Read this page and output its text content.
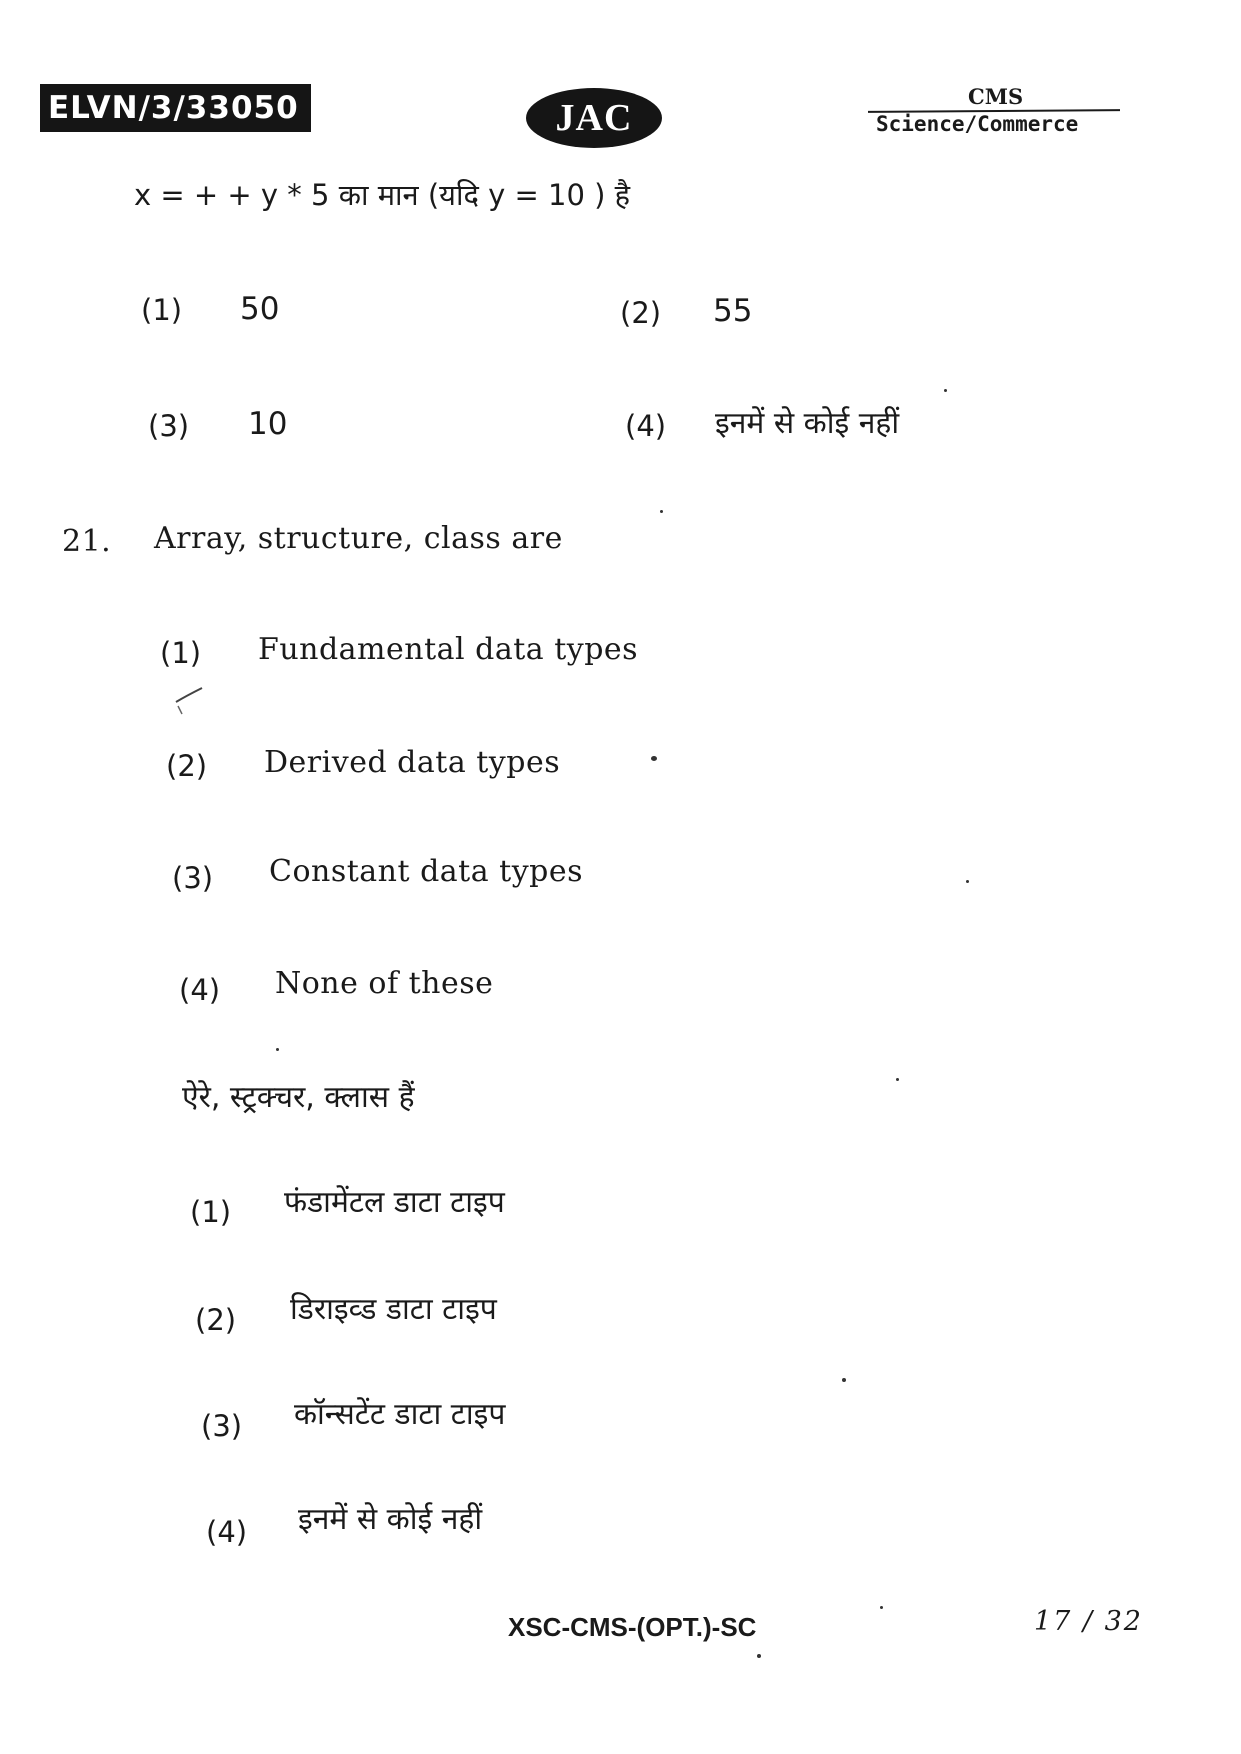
ELVN/3/33050	JAC
CMS
Science/Commerce
x = + + y * 5 का मान (यदि y = 10 ) है
(1) 50	(2) 55
(3) 10	(4) इनमें से कोई नहीं
21. Array, structure, class are
(1) Fundamental data types
(2) Derived data types
(3) Constant data types
(4) None of these
ऐरे, स्ट्रक्चर, क्लास हैं
(1) फंडामेंटल डाटा टाइप
(2) डिराइव्ड डाटा टाइप
(3) कॉन्सटेंट डाटा टाइप
(4) इनमें से कोई नहीं
XSC-CMS-(OPT.)-SC	17 / 32
